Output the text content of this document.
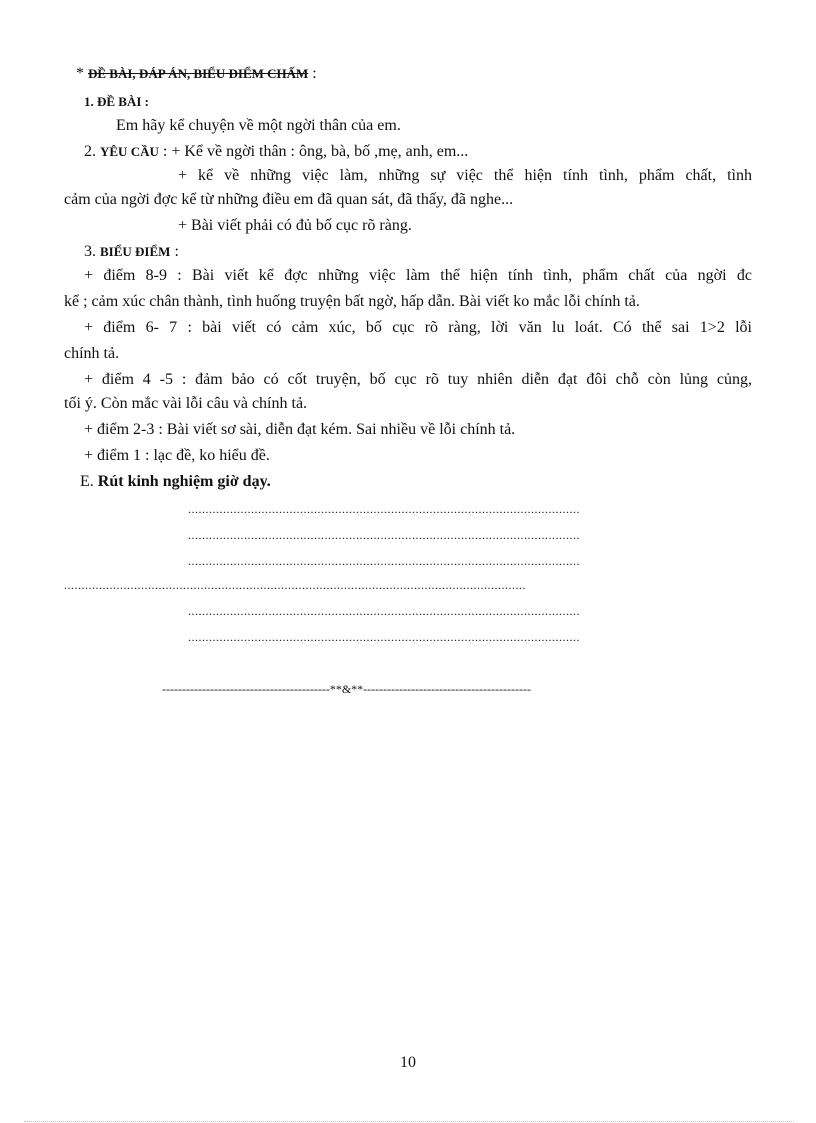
* ĐỀ BÀI, ĐÁP ÁN, BIỂU ĐIỂM CHẤM :
1. ĐỀ BÀI :
Em hãy kể chuyện về một ngời thân của em.
2. YÊU CẦU : + Kể về ngời thân : ông, bà, bố ,mẹ, anh, em...
+ kể về những việc làm, những sự việc thể hiện tính tình, phẩm chất, tình
cảm của ngời đợc kể từ những điều em đã quan sát, đã thấy, đã nghe...
+ Bài viết phải có đủ bố cục rõ ràng.
3. BIỂU ĐIỂM :
+ điểm 8-9 : Bài viết kể đợc những việc làm thể hiện tính tình, phẩm chất của ngời đc
kể ; cảm xúc chân thành, tình huống truyện bất ngờ, hấp dẫn. Bài viết ko mắc lỗi chính tả.
+ điểm 6- 7 : bài viết có cảm xúc, bố cục rõ ràng, lời văn lu loát. Có thể sai 1>2 lỗi
chính tả.
+ điểm 4 -5 : đảm bảo có cốt truyện, bố cục rõ tuy nhiên diễn đạt đôi chỗ còn lủng củng,
tối ý. Còn mắc vài lỗi câu và chính tả.
+ điểm 2-3 : Bài viết sơ sài, diễn đạt kém. Sai nhiều về lỗi chính tả.
+ điểm 1 : lạc đề, ko hiểu đề.
E. Rút kinh nghiệm giờ dạy.
................................................................................................................
................................................................................................................
................................................................................................................
....................................................................................................................................
................................................................................................................
................................................................................................................
------------------------------------------**&**------------------------------------------
10
